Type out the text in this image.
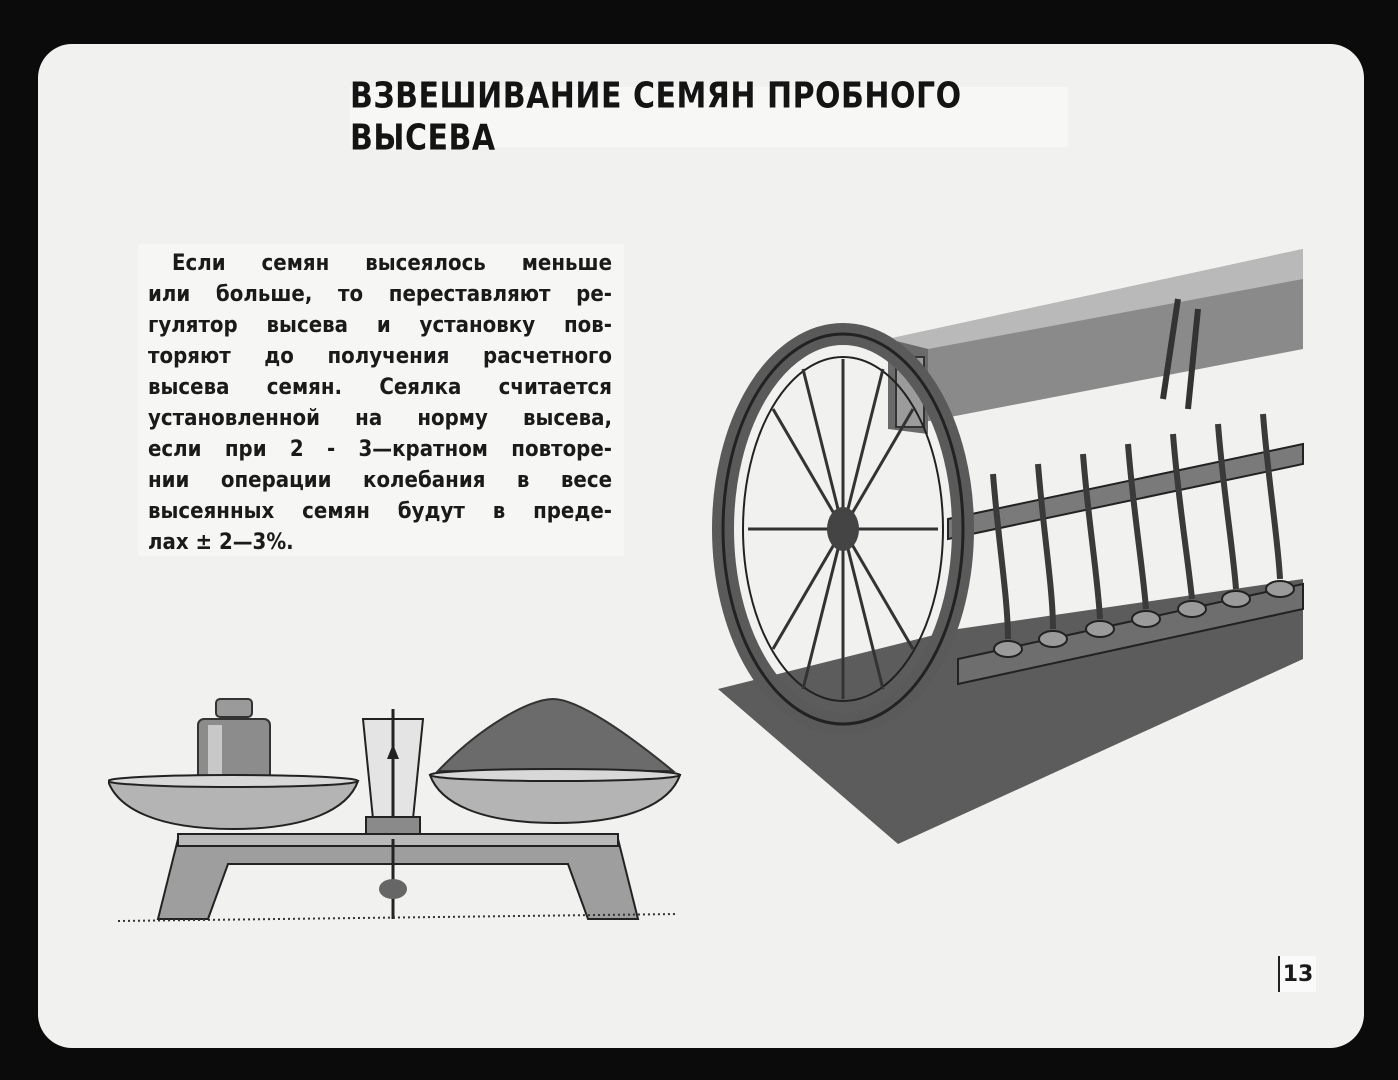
ВЗВЕШИВАНИЕ СЕМЯН ПРОБНОГО ВЫСЕВА
Если семян высеялось меньше
или больше, то переставляют ре-
гулятор высева и установку пов-
торяют до получения расчетного
высева семян. Сеялка считается
установленной на норму высева,
если при 2 - 3—кратном повторе-
нии операции колебания в весе
высеянных семян будут в преде-
лах ± 2—3%.
13
